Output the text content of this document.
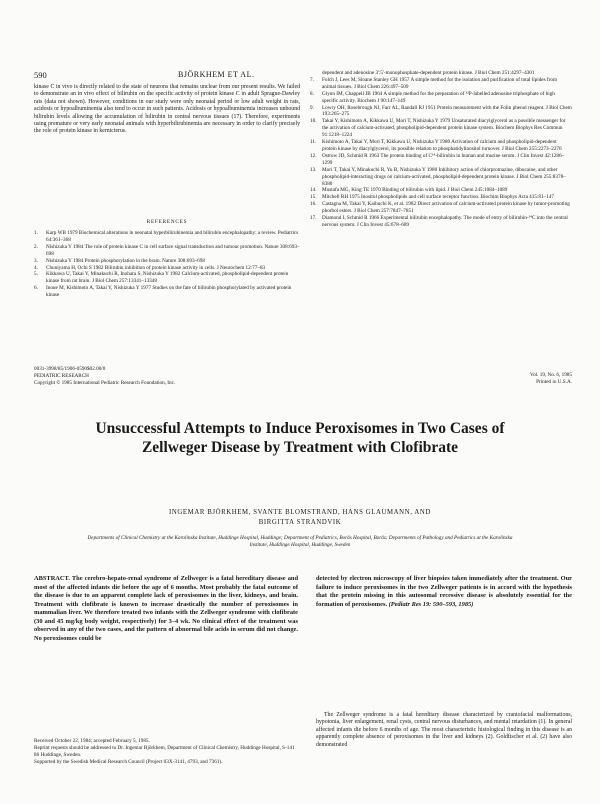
590	BJÖRKHEM ET AL.

kinase C in vivo is directly related to the state of neurons that remains unclear from our present results. We failed to demonstrate an in vivo effect of bilirubin on the specific activity of protein kinase C in adult Sprague-Dawley rats (data not shown). However, conditions in our study were only neonatal period or low adult weight in rats, acidosis or hypoalbuminemia also tend to occur in such patients. Acidosis or hypoalbuminemia increases unbound bilirubin levels allowing the accumulation of bilirubin in central nervous tissues (17). Therefore, experiments using premature or very early neonatal animals with hyperbilirubinemia are necessary in order to clarify precisely the role of protein kinase in kernicterus.

REFERENCES
1. Karp WB 1979 Biochemical alterations in neonatal hyperbilirubinemia and bilirubin encephalopathy: a review. Pediatrics 64:361–368
2. Nishizuka Y 1984 The role of protein kinase C in cell surface signal transduction and tumour promotion. Nature 308:693–698
3. Nishizuka Y 1984 Protein phosphorylation in the brain. Nature 308:693–698
4. Chuniyama H, Ochi S 1982 Bilirubin inhibition of protein kinase activity in cells. J Neurochem 12:77–83
5. Kikkawa U, Takai Y, Minakuchi R, Inohara S, Nishizuka Y 1982 Calcium-activated, phospholipid-dependent protein kinase from rat brain. J Biol Chem 257:13341–13348
6. Inoue M, Kishimoto A, Takai Y, Nishizuka Y 1977 Studies on the fate of bilirubin phosphorylated by activated protein kinase
dependent and adenosine 3':5'-monophosphate-dependent protein kinase. J Biol Chem 251:4297–4301
7. Folch J, Lees M, Sloane Stanley GH 1957 A simple method for the isolation and purification of total lipides from animal tissues. J Biol Chem 226:497–509
8. Glynn IM, Chappell JB 1964 A simple method for the preparation of ³²P-labelled adenosine triphosphate of high specific activity. Biochem J 90:147–149
9. Lowry OH, Rosebrough NJ, Farr AL, Randall RJ 1951 Protein measurement with the Folin phenol reagent. J Biol Chem 193:265–275
10. Takai Y, Kishimoto A, Kikkawa U, Mori T, Nishizuka Y 1979 Unsaturated diacylglycerol as a possible messenger for the activation of calcium-activated, phospholipid-dependent protein kinase system. Biochem Biophys Res Commun 91:1218–1224
11. Kishimoto A, Takai Y, Mori T, Kikkawa U, Nishizuka Y 1980 Activation of calcium and phospholipid-dependent protein kinase by diacylglycerol, its possible relation to phosphatidylinositol turnover. J Biol Chem 255:2273–2276
12. Ostrow JD, Schmid R 1963 The protein binding of C¹⁴-bilirubin in human and murine serum. J Clin Invest 42:1286–1299
13. Mori T, Takai Y, Minakuchi R, Yu B, Nishizuka Y 1980 Inhibitory action of chlorpromazine, dibucaine, and other phospholipid-interacting drugs on calcium-activated, phospholipid-dependent protein kinase. J Biol Chem 255:8378–8380
14. Mustafa MG, King TE 1970 Binding of bilirubin with lipid. J Biol Chem 245:1084–1089
15. Mitchell RH 1975 Inositol phospholipids and cell surface receptor function. Biochim Biophys Acta 415:81–147
16. Castagna M, Takai Y, Kaibuchi K, et al. 1982 Direct activation of calcium-activated protein kinase by tumor-promoting phorbol esters. J Biol Chem 257:7847–7851
17. Diamond I, Schmid R 1966 Experimental bilirubin encephalopathy. The mode of entry of bilirubin-¹⁴C into the central nervous system. J Clin Invest 45:678–689
0031-3998/85/1906-0590$02.00/0
PEDIATRIC RESEARCH
Copyright © 1985 International Pediatric Research Foundation, Inc.
Vol. 19, No. 6, 1985
Printed in U.S.A.
Unsuccessful Attempts to Induce Peroxisomes in Two Cases of Zellweger Disease by Treatment with Clofibrate
INGEMAR BJÖRKHEM, SVANTE BLOMSTRAND, HANS GLAUMANN, AND BIRGITTA STRANDVIK
Departments of Clinical Chemistry at the Karolinska Institute, Huddinge Hospital, Huddinge; Department of Pediatrics, Borås Hospital, Borås; Departments of Pathology and Pediatrics at the Karolinska Institute, Huddinge Hospital, Huddinge, Sweden
ABSTRACT. The cerebro-hepato-renal syndrome of Zellweger is a fatal hereditary disease and most of the affected infants die before the age of 6 months. Most probably the fatal outcome of the disease is due to an apparent complete lack of peroxisomes in the liver, kidneys, and brain. Treatment with clofibrate is known to increase drastically the number of peroxisomes in mammalian liver. We therefore treated two infants with the Zellweger syndrome with clofibrate (30 and 45 mg/kg body weight, respectively) for 3–4 wk. No clinical effect of the treatment was observed in any of the two cases, and the pattern of abnormal bile acids in serum did not change. No peroxisomes could be
detected by electron microscopy of liver biopsies taken immediately after the treatment. Our failure to induce peroxisomes in the two Zellweger patients is in accord with the hypothesis that the protein missing in this autosomal recessive disease is absolutely essential for the formation of peroxisomes. (Pediatr Res 19: 590–593, 1985)
Received October 22, 1984; accepted February 5, 1985.
Reprint requests should be addressed to Dr. Ingemar Björkhem, Department of Clinical Chemistry, Huddinge Hospital, S-141 86 Huddinge, Sweden.
Supported by the Swedish Medical Research Council (Project 03X-3141, 4793, and 7361).
The Zellweger syndrome is a fatal hereditary disease characterized by craniofacial malformations, hypotonia, liver enlargement, renal cysts, central nervous disturbances, and mental retardation (1). In general affected infants die before 6 months of age. The most characteristic histological finding in this disease is an apparently complete absence of peroxisomes in the liver and kidneys (2). Goldfischer et al. (2) have also demonstrated
